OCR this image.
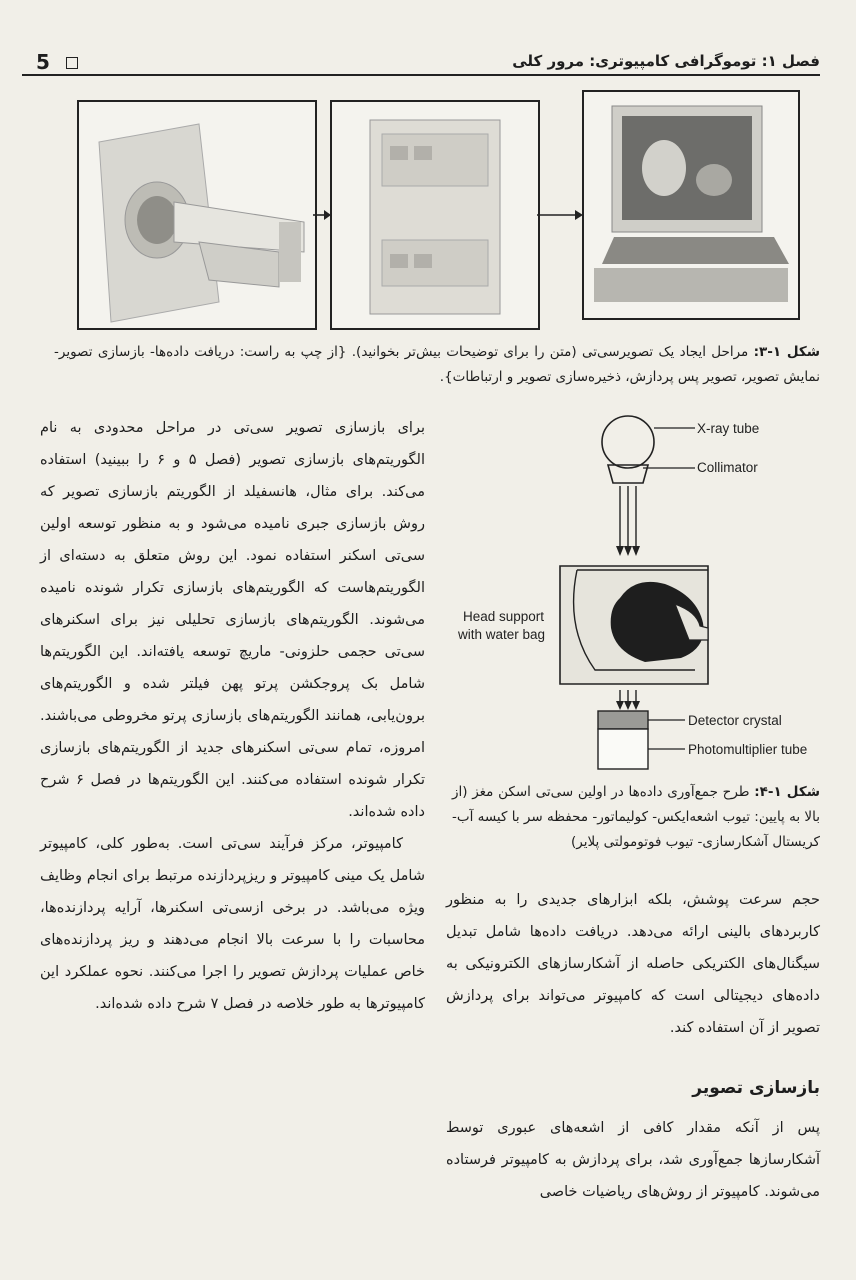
5	فصل ۱: توموگرافی کامپیوتری: مرور کلی
شکل ۱-۳: مراحل ایجاد یک تصویرسی‌تی (متن را برای توضیحات بیش‌تر بخوانید). {از چپ به راست: دریافت داده‌ها- بازسازی تصویر- نمایش تصویر، تصویر پس پردازش، ذخیره‌سازی تصویر و ارتباطات}.
X-ray tube
Collimator
Detector crystal
Photomultiplier tube
Head support
with water bag
شکل ۱-۴: طرح جمع‌آوری داده‌ها در اولین سی‌تی اسکن مغز (از بالا به پایین: تیوب اشعه‌ایکس- کولیماتور- محفظه سر با کیسه آب- کریستال آشکارسازی- تیوب فوتومولتی پلایر)

برای بازسازی تصویر سی‌تی در مراحل محدودی به نام الگوریتم‌های بازسازی تصویر (فصل ۵ و ۶ را ببینید) استفاده می‌کند. برای مثال، هانسفیلد از الگوریتم بازسازی تصویر که روش بازسازی جبری نامیده می‌شود و به منظور توسعه اولین سی‌تی اسکنر استفاده نمود. این روش متعلق به دسته‌ای از الگوریتم‌هاست که الگوریتم‌های بازسازی تکرار شونده نامیده می‌شوند. الگوریتم‌های بازسازی تحلیلی نیز برای اسکنرهای سی‌تی حجمی حلزونی- ماریچ توسعه یافته‌اند. این الگوریتم‌ها شامل بک پروجکشن پرتو پهن فیلتر شده و الگوریتم‌های برون‌یابی، همانند الگوریتم‌های بازسازی پرتو مخروطی می‌باشند. امروزه، تمام سی‌تی اسکنرهای جدید از الگوریتم‌های بازسازی تکرار شونده استفاده می‌کنند. این الگوریتم‌ها در فصل ۶ شرح داده شده‌اند.

کامپیوتر، مرکز فرآیند سی‌تی است. به‌طور کلی، کامپیوتر شامل یک مینی کامپیوتر و ریزپردازنده مرتبط برای انجام وظایف ویژه می‌باشد. در برخی ازسی‌تی اسکنرها، آرایه پردازنده‌ها، محاسبات را با سرعت بالا انجام می‌دهند و ریز پردازنده‌های خاص عملیات پردازش تصویر را اجرا می‌کنند. نحوه عملکرد این کامپیوترها به طور خلاصه در فصل ۷ شرح داده شده‌اند.

حجم سرعت پوشش، بلکه ابزارهای جدیدی را به منظور کاربردهای بالینی ارائه می‌دهد. دریافت داده‌ها شامل تبدیل سیگنال‌های الکتریکی حاصله از آشکارسازهای الکترونیکی به داده‌های دیجیتالی است که کامپیوتر می‌تواند برای پردازش تصویر از آن استفاده کند.

بازسازی تصویر

پس از آنکه مقدار کافی از اشعه‌های عبوری توسط آشکارسازها جمع‌آوری شد، برای پردازش به کامپیوتر فرستاده می‌شوند. کامپیوتر از روش‌های ریاضیات خاصی
